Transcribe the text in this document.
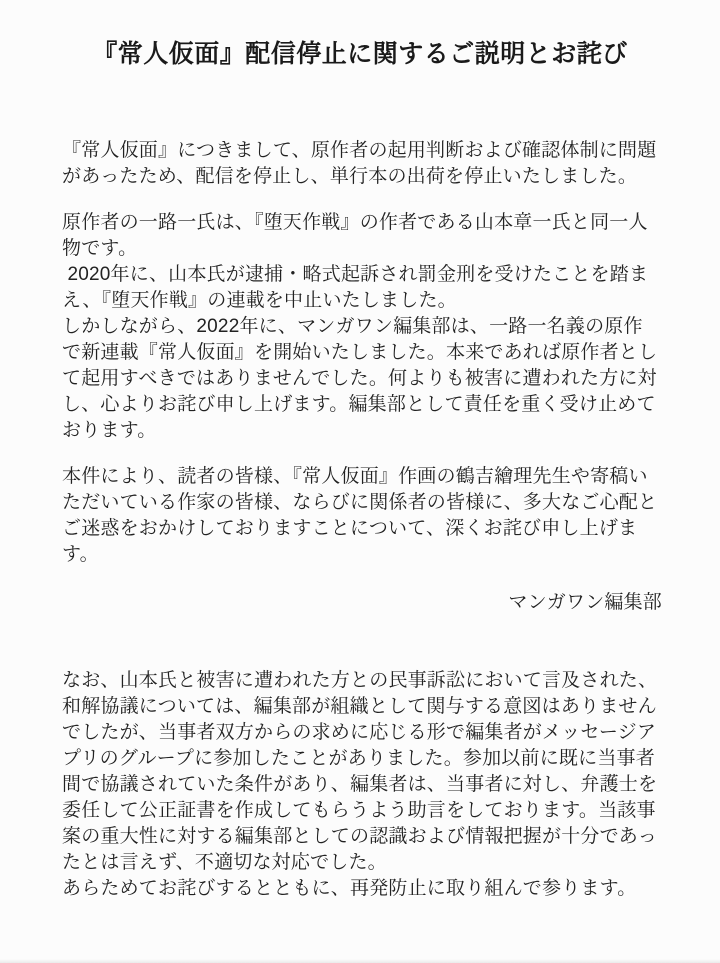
『常人仮面』配信停止に関するご説明とお詫び
『常人仮面』につきまして、原作者の起用判断および確認体制に問題
があったため、配信を停止し、単行本の出荷を停止いたしました。
原作者の一路一氏は、『堕天作戦』の作者である山本章一氏と同一人
物です。
2020年に、山本氏が逮捕・略式起訴され罰金刑を受けたことを踏ま
え、『堕天作戦』の連載を中止いたしました。
しかしながら、2022年に、マンガワン編集部は、一路一名義の原作
で新連載『常人仮面』を開始いたしました。本来であれば原作者とし
て起用すべきではありませんでした。何よりも被害に遭われた方に対
し、心よりお詫び申し上げます。編集部として責任を重く受け止めて
おります。
本件により、読者の皆様、『常人仮面』作画の鶴吉繪理先生や寄稿い
ただいている作家の皆様、ならびに関係者の皆様に、多大なご心配と
ご迷惑をおかけしておりますことについて、深くお詫び申し上げま
す。
マンガワン編集部
なお、山本氏と被害に遭われた方との民事訴訟において言及された、
和解協議については、編集部が組織として関与する意図はありません
でしたが、当事者双方からの求めに応じる形で編集者がメッセージア
プリのグループに参加したことがありました。参加以前に既に当事者
間で協議されていた条件があり、編集者は、当事者に対し、弁護士を
委任して公正証書を作成してもらうよう助言をしております。当該事
案の重大性に対する編集部としての認識および情報把握が十分であっ
たとは言えず、不適切な対応でした。
あらためてお詫びするとともに、再発防止に取り組んで参ります。
